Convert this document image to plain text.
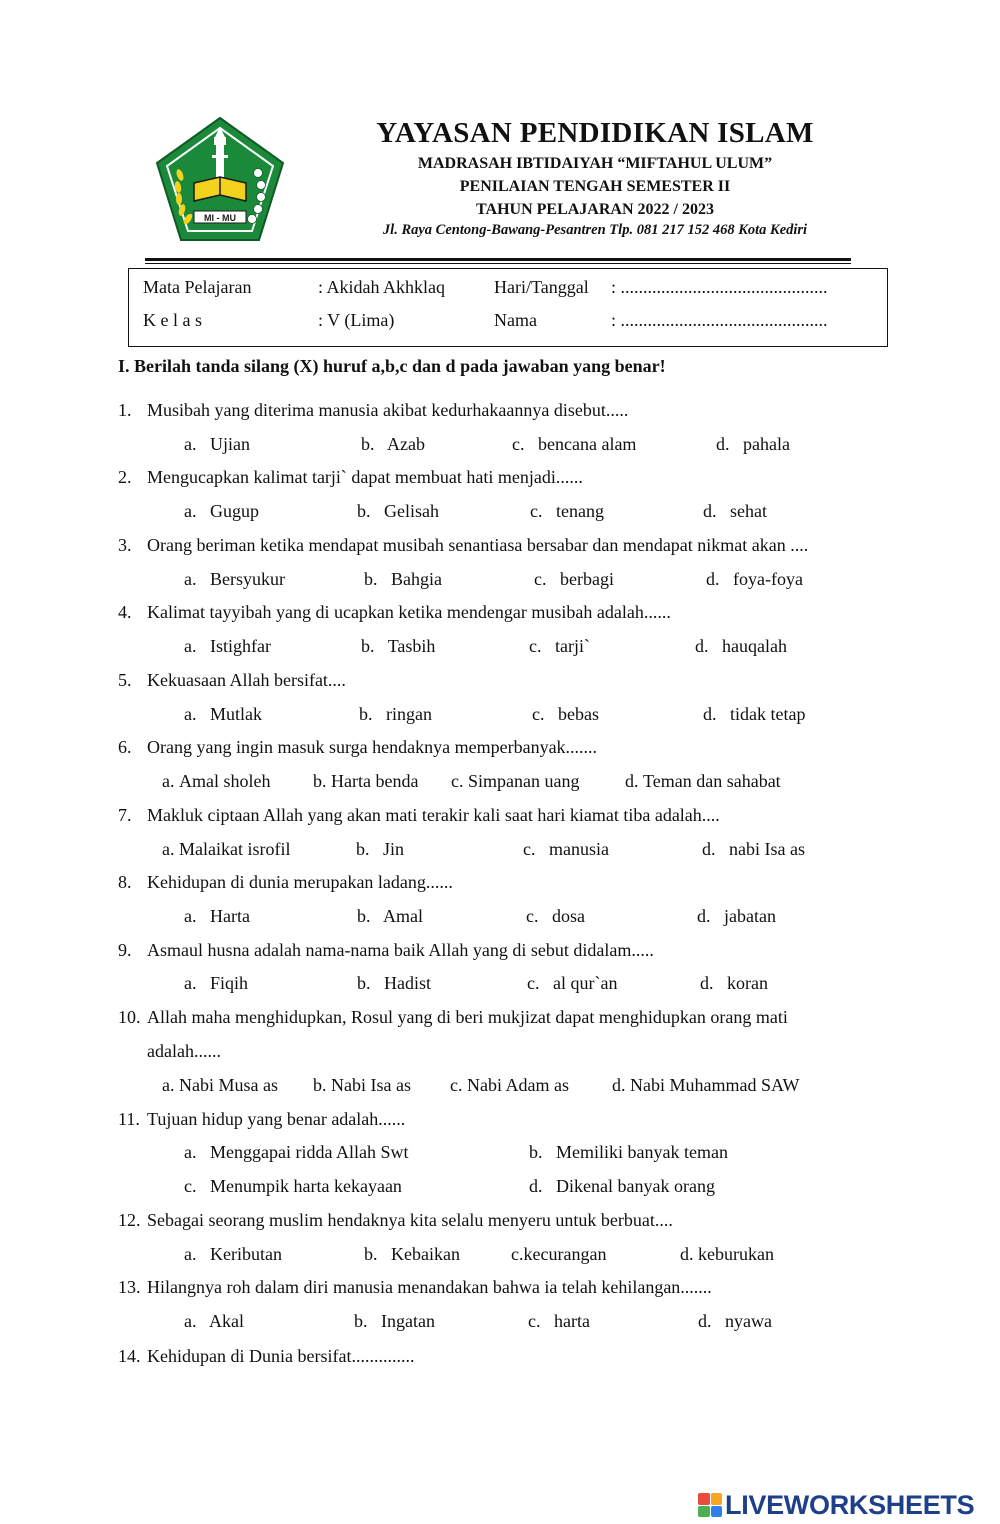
MI - MU
YAYASAN PENDIDIKAN ISLAM
MADRASAH IBTIDAIYAH “MIFTAHUL ULUM”
PENILAIAN TENGAH SEMESTER II
TAHUN PELAJARAN 2022 / 2023
Jl. Raya Centong-Bawang-Pesantren Tlp. 081 217 152 468 Kota Kediri
Mata Pelajaran	: Akidah Akhklaq	Hari/Tanggal : ..............................................
K e l a s	: V (Lima)	Nama	: ..............................................
I. Berilah tanda silang (X) huruf a,b,c dan d pada jawaban yang benar!
1. Musibah yang diterima manusia akibat kedurhakaannya disebut.....
a. Ujian	b. Azab	c. bencana alam	d. pahala
2. Mengucapkan kalimat tarji` dapat membuat hati menjadi......
a. Gugup	b. Gelisah	c. tenang	d. sehat
3. Orang beriman ketika mendapat musibah senantiasa bersabar dan mendapat nikmat akan ....
a. Bersyukur	b. Bahgia	c. berbagi	d. foya-foya
4. Kalimat tayyibah yang di ucapkan ketika mendengar musibah adalah......
a. Istighfar	b. Tasbih	c. tarji`	d. hauqalah
5. Kekuasaan Allah bersifat....
a. Mutlak	b. ringan	c. bebas	d. tidak tetap
6. Orang yang ingin masuk surga hendaknya memperbanyak.......
a. Amal sholeh b. Harta benda c. Simpanan uang	d. Teman dan sahabat
7. Makluk ciptaan Allah yang akan mati terakir kali saat hari kiamat tiba adalah....
a. Malaikat isrofil	b. Jin	c. manusia	d. nabi Isa as
8. Kehidupan di dunia merupakan ladang......
a. Harta	b. Amal	c. dosa	d. jabatan
9. Asmaul husna adalah nama-nama baik Allah yang di sebut didalam.....
a. Fiqih	b. Hadist	c. al qur`an	d. koran
10. Allah maha menghidupkan, Rosul yang di beri mukjizat dapat menghidupkan orang mati
adalah......
a. Nabi Musa as b. Nabi Isa as c. Nabi Adam as d. Nabi Muhammad SAW
11. Tujuan hidup yang benar adalah......
a. Menggapai ridda Allah Swt	b. Memiliki banyak teman
c. Menumpik harta kekayaan	d. Dikenal banyak orang
12. Sebagai seorang muslim hendaknya kita selalu menyeru untuk berbuat....
a. Keributan	b. Kebaikan	c.kecurangan	d. keburukan
13. Hilangnya roh dalam diri manusia menandakan bahwa ia telah kehilangan.......
a. Akal	b. Ingatan	c. harta	d. nyawa
14. Kehidupan di Dunia bersifat..............
LIVEWORKSHEETS
